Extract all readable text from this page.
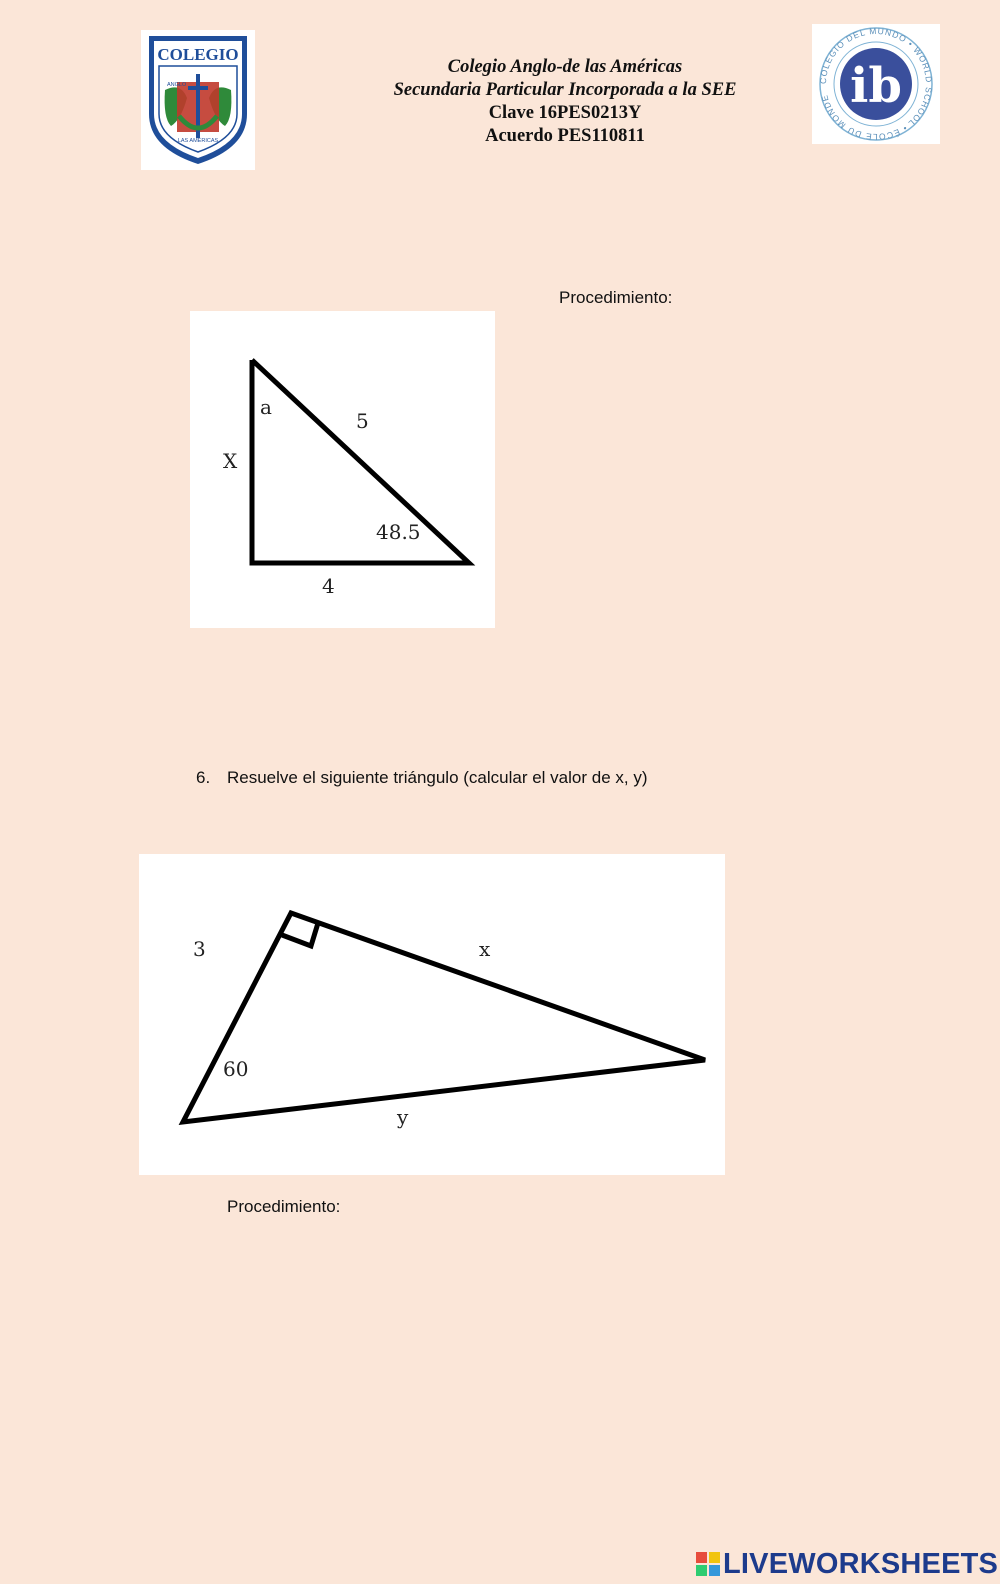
COLEGIO
LAS AMÉRICAS
ANGLO
Colegio Anglo-de las Américas
Secundaria Particular Incorporada a la SEE
Clave 16PES0213Y
Acuerdo PES110811
COLEGIO DEL MUNDO • WORLD SCHOOL • ÉCOLE DU MONDE ib
Procedimiento:
a
5
X
48.5
4
6. Resuelve el siguiente triángulo (calcular el valor de x, y)
3	x
60
y
Procedimiento:
LIVEWORKSHEETS
